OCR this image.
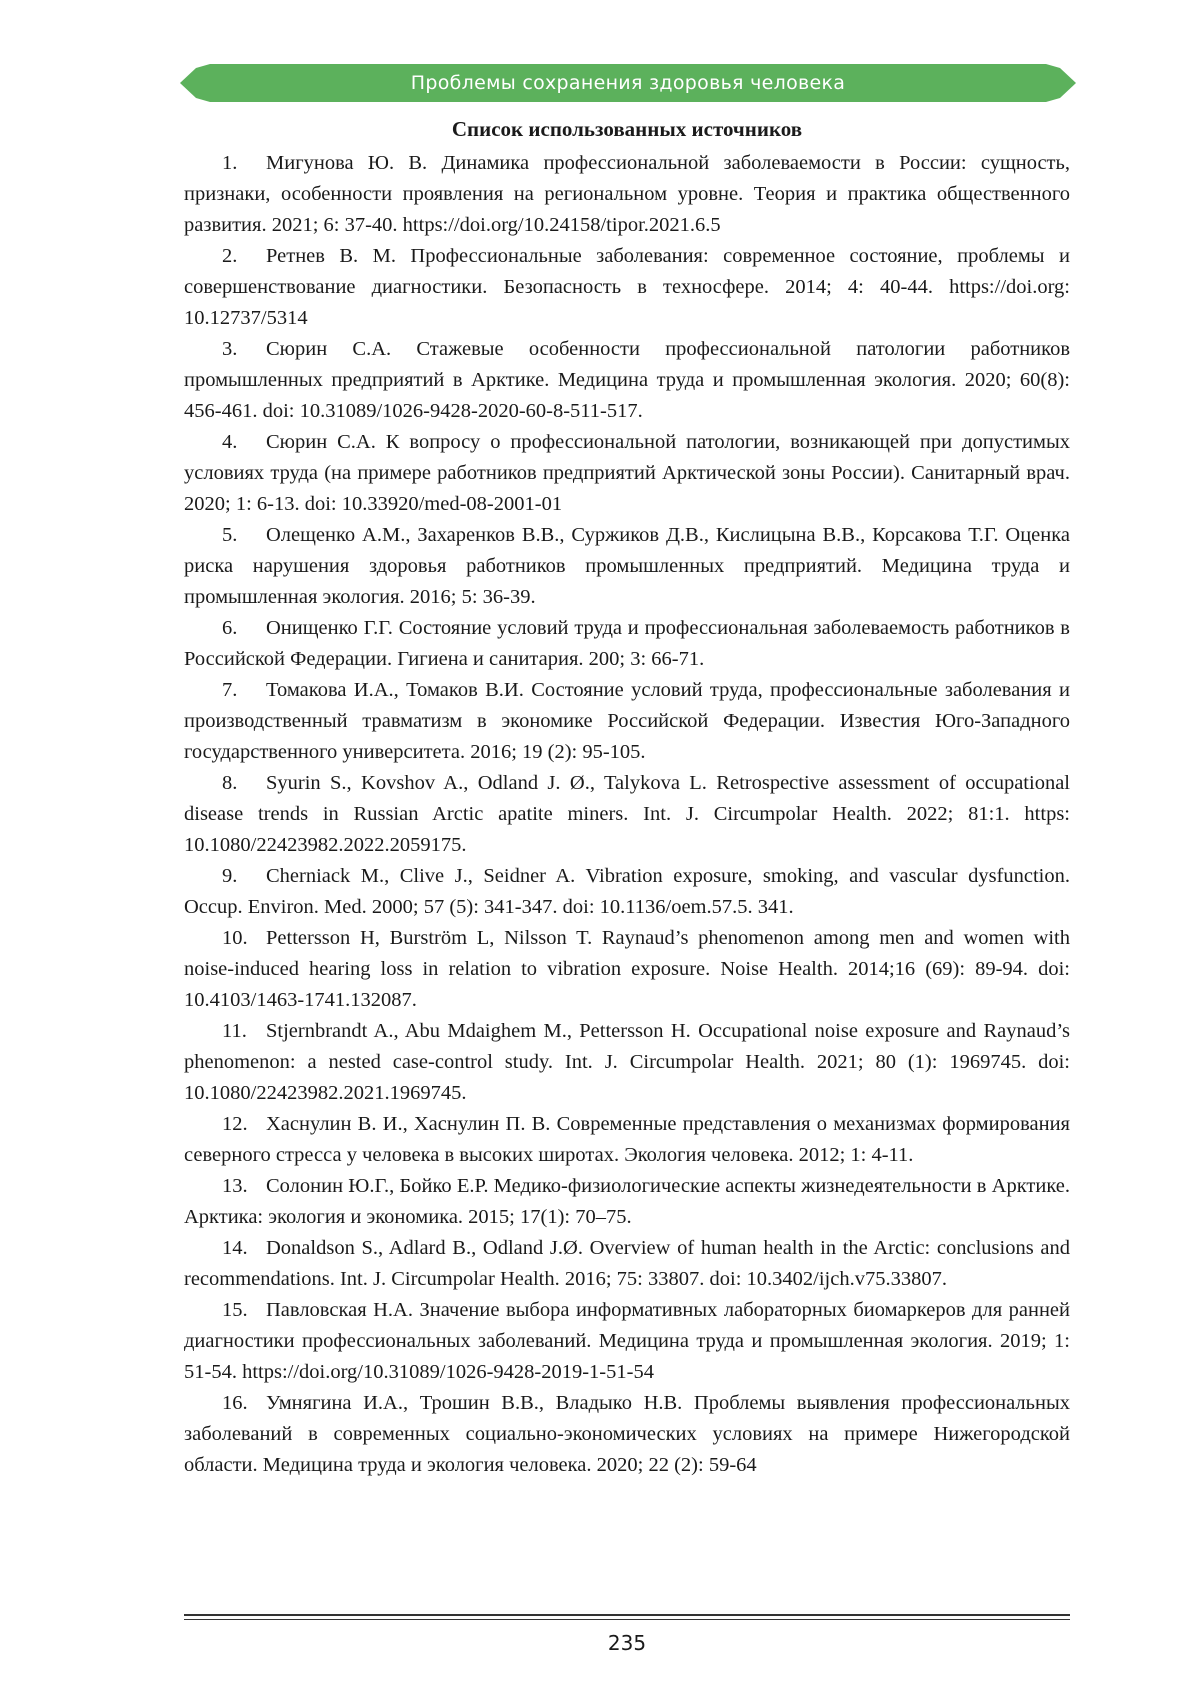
Проблемы сохранения здоровья человека
Список использованных источников
1. Мигунова Ю. В. Динамика профессиональной заболеваемости в России: сущность, признаки, особенности проявления на региональном уровне. Теория и практика общественного развития. 2021; 6: 37-40. https://doi.org/10.24158/tipor.2021.6.5
2. Ретнев В. М. Профессиональные заболевания: современное состояние, проблемы и совершенствование диагностики. Безопасность в техносфере. 2014; 4: 40-44. https://doi.org: 10.12737/5314
3. Сюрин С.А. Стажевые особенности профессиональной патологии работников промышленных предприятий в Арктике. Медицина труда и промышленная экология. 2020; 60(8): 456-461. doi: 10.31089/1026-9428-2020-60-8-511-517.
4. Сюрин С.А. К вопросу о профессиональной патологии, возникающей при допустимых условиях труда (на примере работников предприятий Арктической зоны России). Санитарный врач. 2020; 1: 6-13. doi: 10.33920/med-08-2001-01
5. Олещенко А.М., Захаренков В.В., Суржиков Д.В., Кислицына В.В., Корсакова Т.Г. Оценка риска нарушения здоровья работников промышленных предприятий. Медицина труда и промышленная экология. 2016; 5: 36-39.
6. Онищенко Г.Г. Состояние условий труда и профессиональная заболеваемость работников в Российской Федерации. Гигиена и санитария. 200; 3: 66-71.
7. Томакова И.А., Томаков В.И. Состояние условий труда, профессиональные заболевания и производственный травматизм в экономике Российской Федерации. Известия Юго-Западного государственного университета. 2016; 19 (2): 95-105.
8. Syurin S., Kovshov A., Odland J. Ø., Talykova L. Retrospective assessment of occupational disease trends in Russian Arctic apatite miners. Int. J. Circumpolar Health. 2022; 81:1. https: 10.1080/22423982.2022.2059175.
9. Cherniack M., Clive J., Seidner A. Vibration exposure, smoking, and vascular dysfunction. Occup. Environ. Med. 2000; 57 (5): 341-347. doi: 10.1136/oem.57.5. 341.
10. Pettersson H, Burström L, Nilsson T. Raynaud’s phenomenon among men and women with noise-induced hearing loss in relation to vibration exposure. Noise Health. 2014;16 (69): 89-94. doi: 10.4103/1463-1741.132087.
11. Stjernbrandt A., Abu Mdaighem M., Pettersson H. Occupational noise exposure and Raynaud’s phenomenon: a nested case-control study. Int. J. Circumpolar Health. 2021; 80 (1): 1969745. doi: 10.1080/22423982.2021.1969745.
12. Хаснулин В. И., Хаснулин П. В. Современные представления о механизмах формирования северного стресса у человека в высоких широтах. Экология человека. 2012; 1: 4-11.
13. Солонин Ю.Г., Бойко Е.Р. Медико-физиологические аспекты жизнедеятельности в Арктике. Арктика: экология и экономика. 2015; 17(1): 70–75.
14. Donaldson S., Adlard B., Odland J.Ø. Overview of human health in the Arctic: conclusions and recommendations. Int. J. Circumpolar Health. 2016; 75: 33807. doi: 10.3402/ijch.v75.33807.
15. Павловская Н.А. Значение выбора информативных лабораторных биомаркеров для ранней диагностики профессиональных заболеваний. Медицина труда и промышленная экология. 2019; 1: 51-54. https://doi.org/10.31089/1026-9428-2019-1-51-54
16. Умнягина И.А., Трошин В.В., Владыко Н.В. Проблемы выявления профессиональных заболеваний в современных социально-экономических условиях на примере Нижегородской области. Медицина труда и экология человека. 2020; 22 (2): 59-64
235
